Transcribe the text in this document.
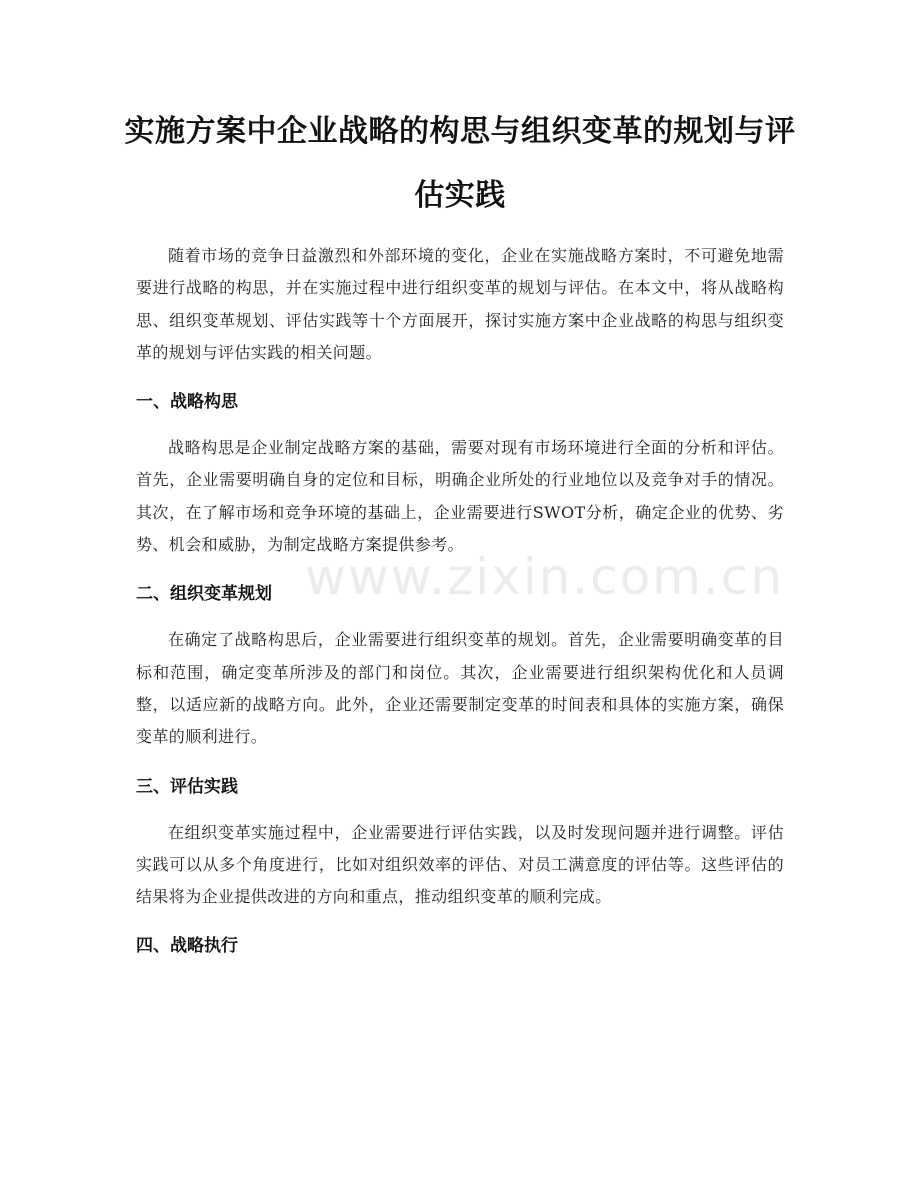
实施方案中企业战略的构思与组织变革的规划与评估实践

随着市场的竞争日益激烈和外部环境的变化，企业在实施战略方案时，不可避免地需要进行战略的构思，并在实施过程中进行组织变革的规划与评估。在本文中，将从战略构思、组织变革规划、评估实践等十个方面展开，探讨实施方案中企业战略的构思与组织变革的规划与评估实践的相关问题。

一、战略构思

战略构思是企业制定战略方案的基础，需要对现有市场环境进行全面的分析和评估。首先，企业需要明确自身的定位和目标，明确企业所处的行业地位以及竞争对手的情况。其次，在了解市场和竞争环境的基础上，企业需要进行SWOT分析，确定企业的优势、劣势、机会和威胁，为制定战略方案提供参考。

二、组织变革规划

在确定了战略构思后，企业需要进行组织变革的规划。首先，企业需要明确变革的目标和范围，确定变革所涉及的部门和岗位。其次，企业需要进行组织架构优化和人员调整，以适应新的战略方向。此外，企业还需要制定变革的时间表和具体的实施方案，确保变革的顺利进行。

三、评估实践

在组织变革实施过程中，企业需要进行评估实践，以及时发现问题并进行调整。评估实践可以从多个角度进行，比如对组织效率的评估、对员工满意度的评估等。这些评估的结果将为企业提供改进的方向和重点，推动组织变革的顺利完成。

四、战略执行
www.zixin.com.cn
